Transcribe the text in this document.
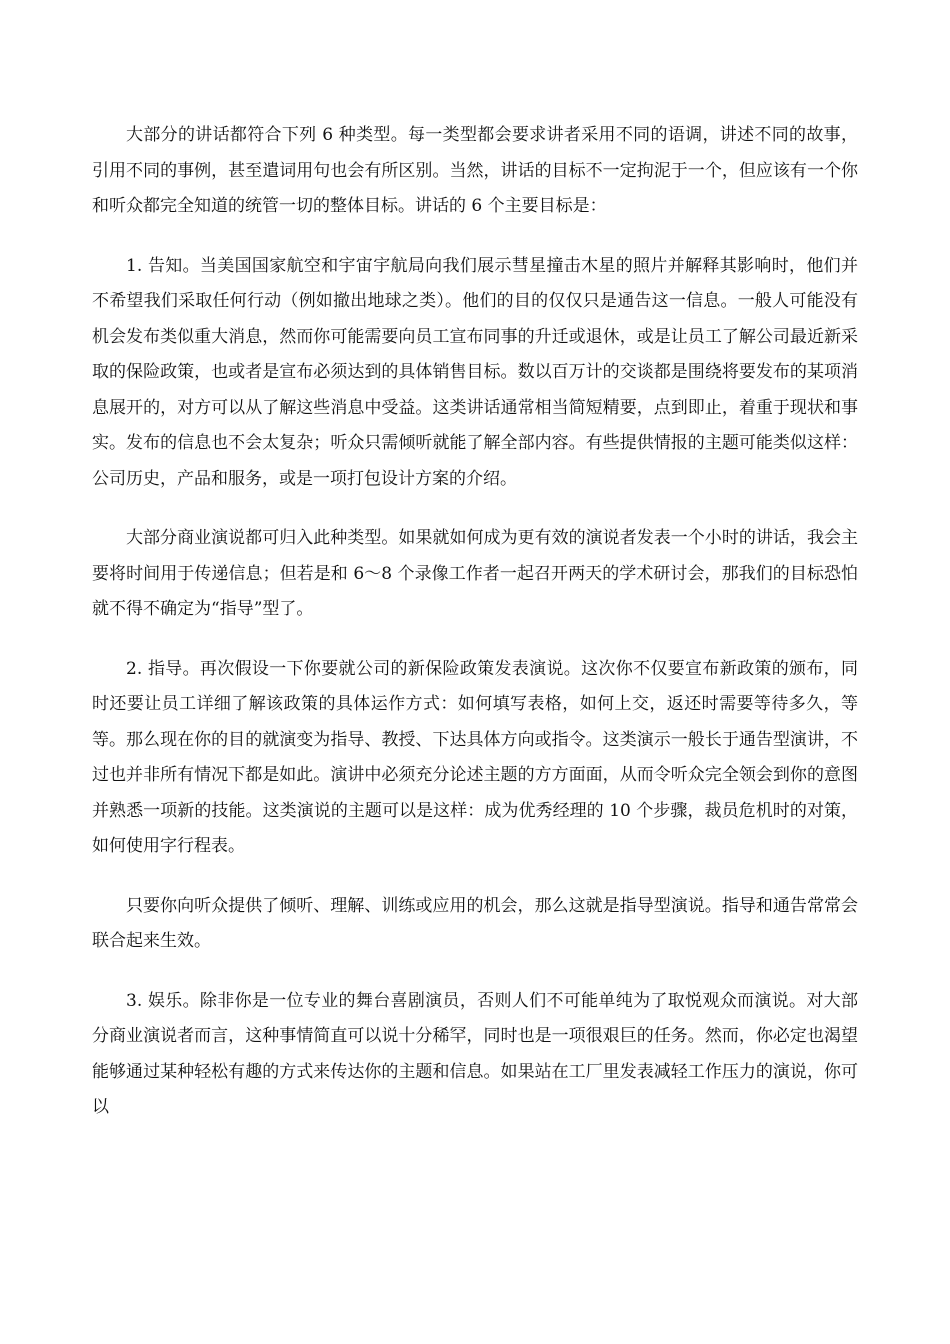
大部分的讲话都符合下列 6 种类型。每一类型都会要求讲者采用不同的语调，讲述不同的故事，引用不同的事例，甚至遣词用句也会有所区别。当然，讲话的目标不一定拘泥于一个，但应该有一个你和听众都完全知道的统管一切的整体目标。讲话的 6 个主要目标是：

1. 告知。当美国国家航空和宇宙宇航局向我们展示彗星撞击木星的照片并解释其影响时，他们并不希望我们采取任何行动（例如撤出地球之类）。他们的目的仅仅只是通告这一信息。一般人可能没有机会发布类似重大消息，然而你可能需要向员工宣布同事的升迁或退休，或是让员工了解公司最近新采取的保险政策，也或者是宣布必须达到的具体销售目标。数以百万计的交谈都是围绕将要发布的某项消息展开的，对方可以从了解这些消息中受益。这类讲话通常相当简短精要，点到即止，着重于现状和事实。发布的信息也不会太复杂；听众只需倾听就能了解全部内容。有些提供情报的主题可能类似这样：公司历史，产品和服务，或是一项打包设计方案的介绍。

大部分商业演说都可归入此种类型。如果就如何成为更有效的演说者发表一个小时的讲话，我会主要将时间用于传递信息；但若是和 6～8 个录像工作者一起召开两天的学术研讨会，那我们的目标恐怕就不得不确定为“指导”型了。

2. 指导。再次假设一下你要就公司的新保险政策发表演说。这次你不仅要宣布新政策的颁布，同时还要让员工详细了解该政策的具体运作方式：如何填写表格，如何上交，返还时需要等待多久，等等。那么现在你的目的就演变为指导、教授、下达具体方向或指令。这类演示一般长于通告型演讲，不过也并非所有情况下都是如此。演讲中必须充分论述主题的方方面面，从而令听众完全领会到你的意图并熟悉一项新的技能。这类演说的主题可以是这样：成为优秀经理的 10 个步骤，裁员危机时的对策，如何使用字行程表。

只要你向听众提供了倾听、理解、训练或应用的机会，那么这就是指导型演说。指导和通告常常会联合起来生效。

3. 娱乐。除非你是一位专业的舞台喜剧演员，否则人们不可能单纯为了取悦观众而演说。对大部分商业演说者而言，这种事情简直可以说十分稀罕，同时也是一项很艰巨的任务。然而，你必定也渴望能够通过某种轻松有趣的方式来传达你的主题和信息。如果站在工厂里发表减轻工作压力的演说，你可以
